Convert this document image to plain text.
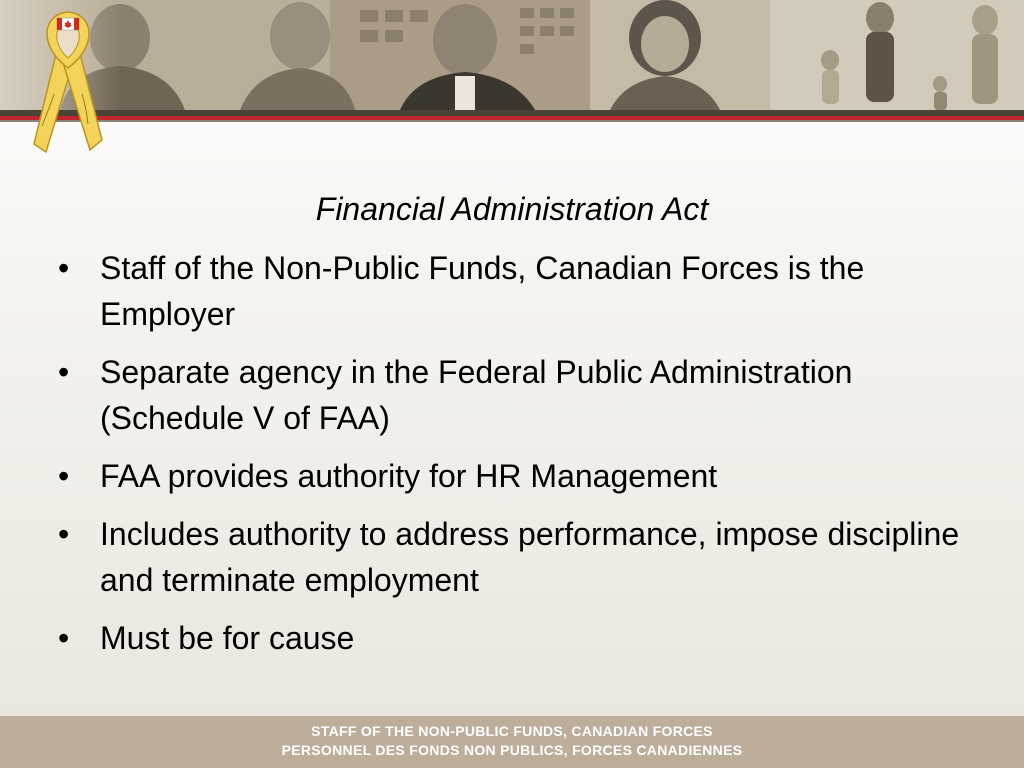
Financial Administration Act
• Staff of the Non-Public Funds, Canadian Forces is the Employer
• Separate agency in the Federal Public Administration (Schedule V of FAA)
• FAA provides authority for HR Management
• Includes authority to address performance, impose discipline and terminate employment
• Must be for cause
STAFF OF THE NON-PUBLIC FUNDS, CANADIAN FORCES
PERSONNEL DES FONDS NON PUBLICS, FORCES CANADIENNES
